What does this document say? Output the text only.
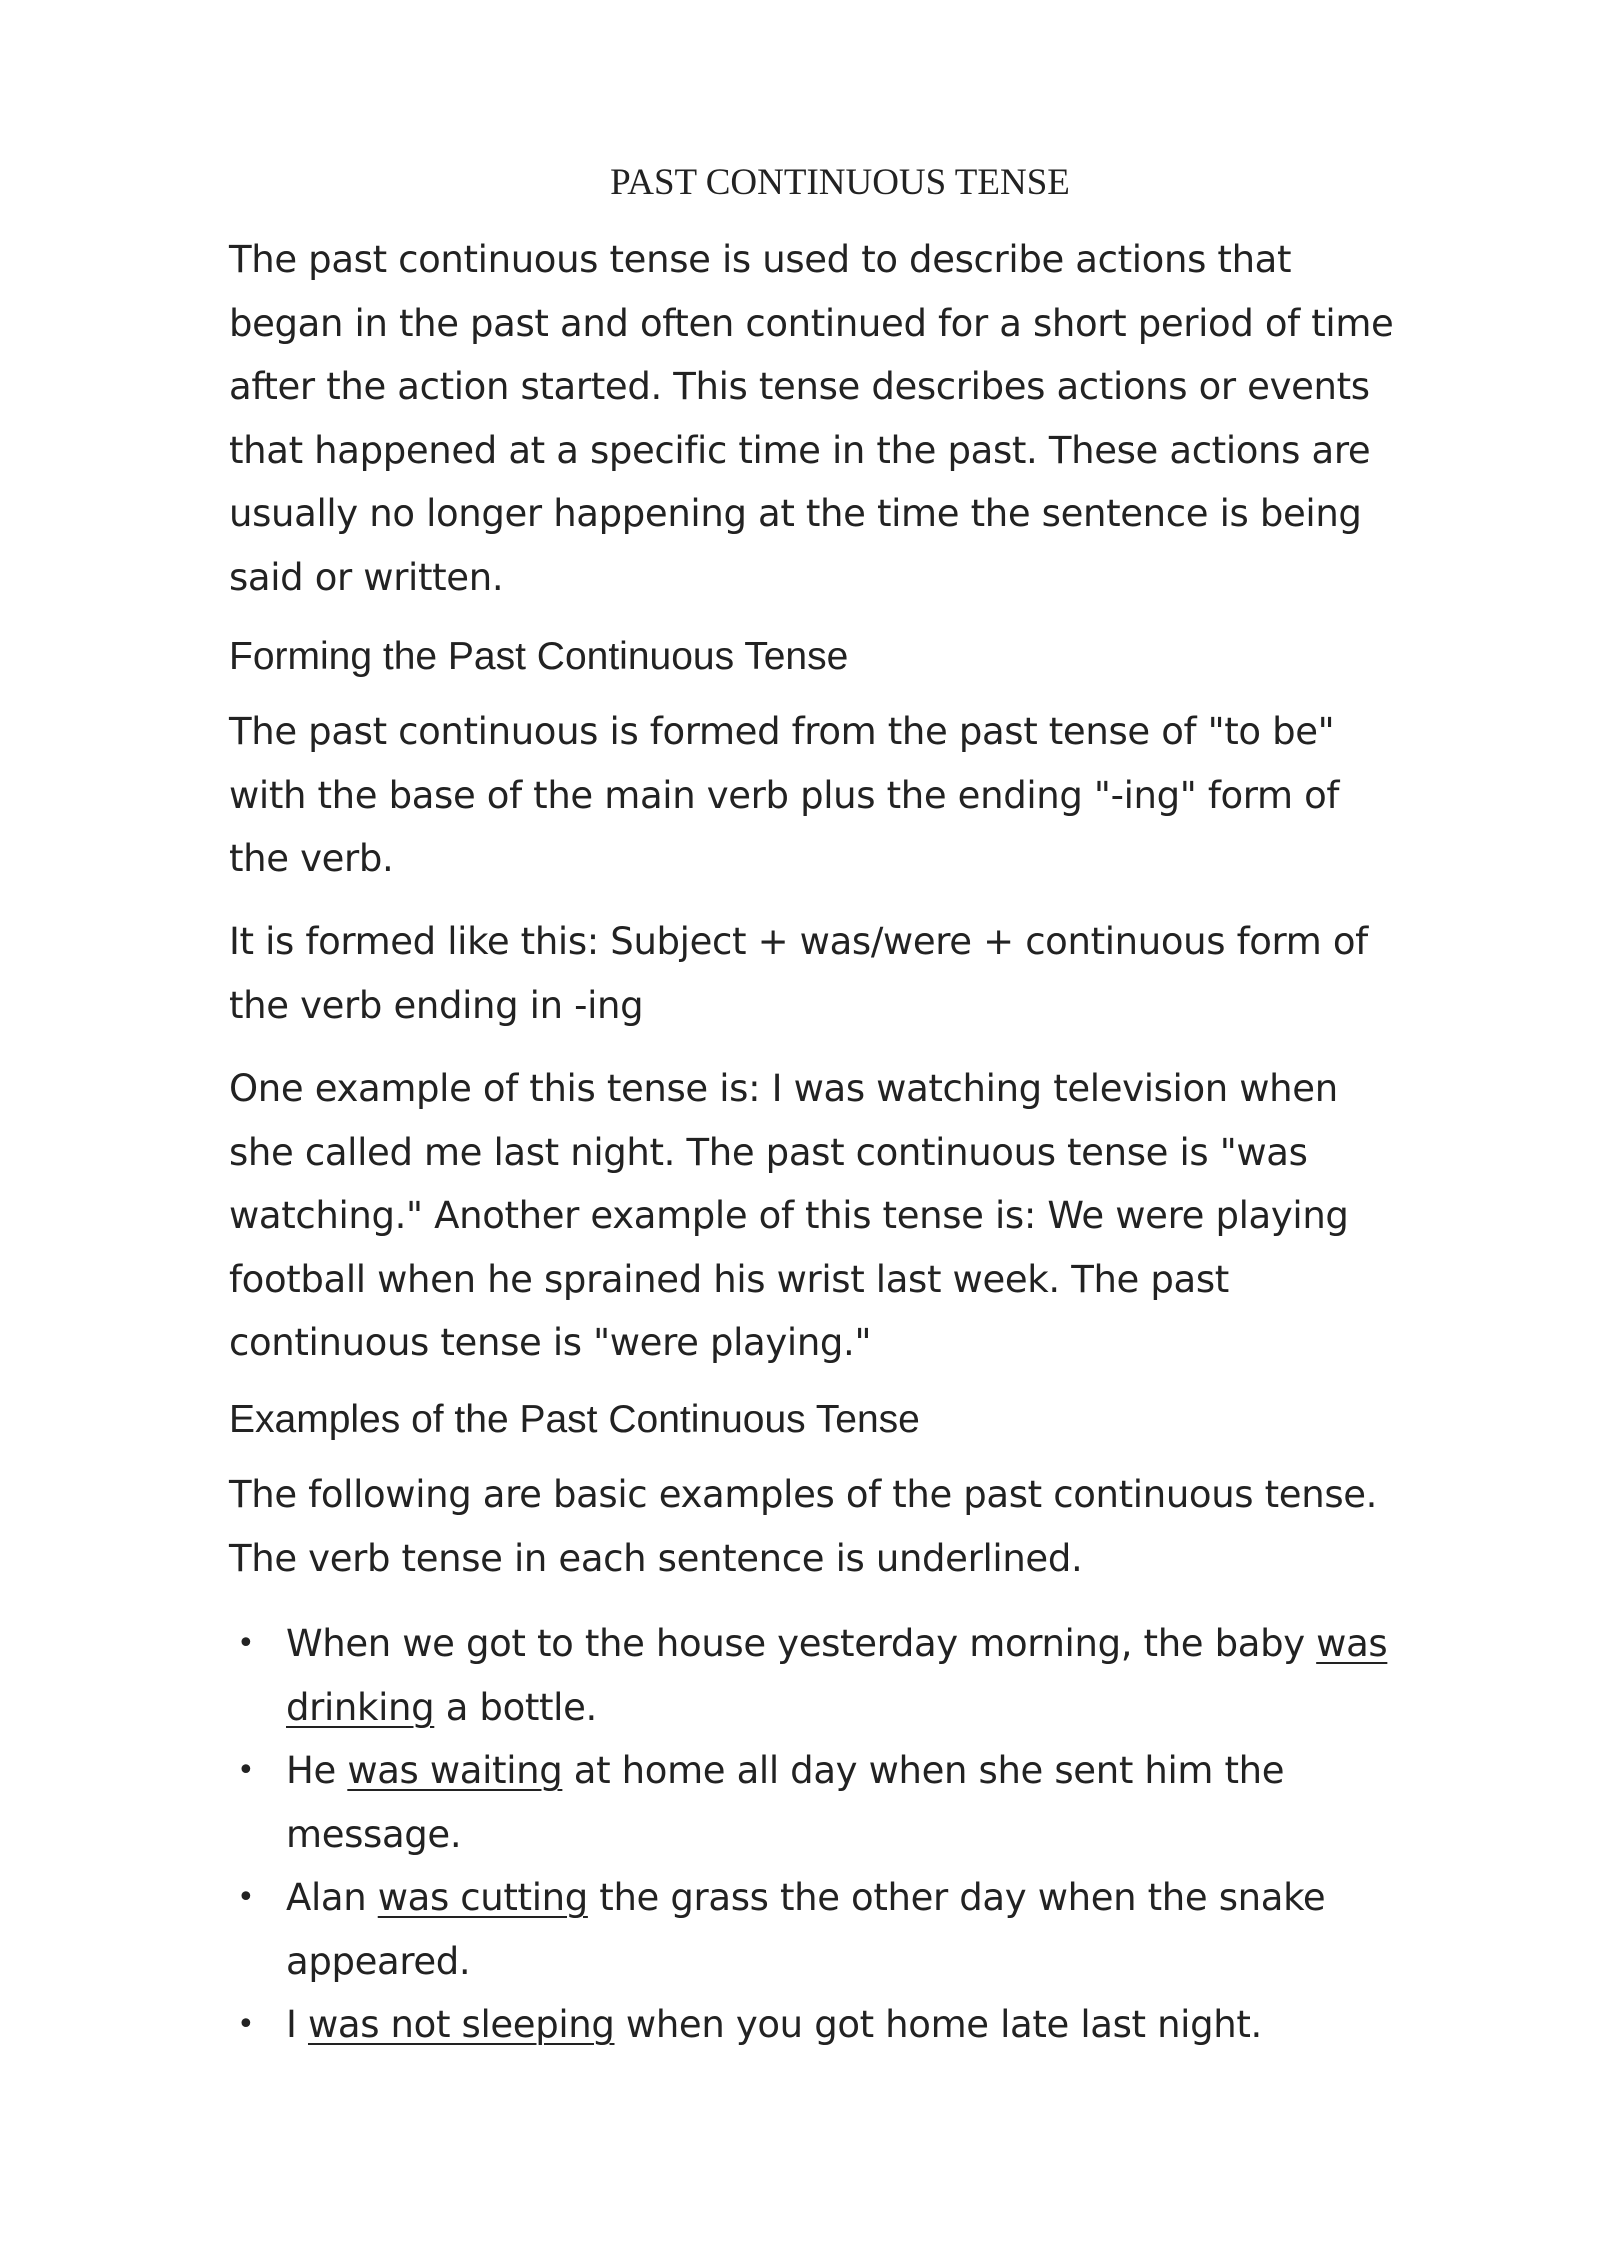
PAST CONTINUOUS TENSE

The past continuous tense is used to describe actions that
began in the past and often continued for a short period of time
after the action started. This tense describes actions or events
that happened at a specific time in the past. These actions are
usually no longer happening at the time the sentence is being
said or written.

Forming the Past Continuous Tense

The past continuous is formed from the past tense of "to be"
with the base of the main verb plus the ending "-ing" form of
the verb.

It is formed like this: Subject + was/were + continuous form of
the verb ending in -ing

One example of this tense is: I was watching television when
she called me last night. The past continuous tense is "was
watching." Another example of this tense is: We were playing
football when he sprained his wrist last week. The past
continuous tense is "were playing."

Examples of the Past Continuous Tense

The following are basic examples of the past continuous tense.
The verb tense in each sentence is underlined.

• When we got to the house yesterday morning, the baby was
drinking a bottle.
• He was waiting at home all day when she sent him the
message.
• Alan was cutting the grass the other day when the snake
appeared.
• I was not sleeping when you got home late last night.
